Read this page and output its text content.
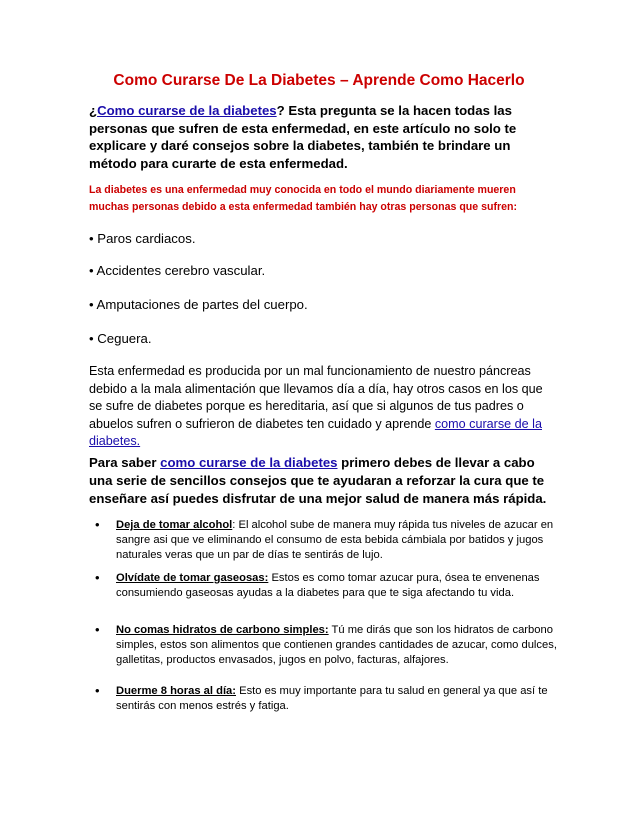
Como Curarse De La Diabetes – Aprende Como Hacerlo
¿Como curarse de la diabetes? Esta pregunta se la hacen todas las personas que sufren de esta enfermedad, en este artículo no solo te explicare y daré consejos sobre la diabetes, también te brindare un método para curarte de esta enfermedad.
La diabetes es una enfermedad muy conocida en todo el mundo diariamente mueren muchas personas debido a esta enfermedad también hay otras personas que sufren:
• Paros cardiacos.
• Accidentes cerebro vascular.
• Amputaciones de partes del cuerpo.
• Ceguera.
Esta enfermedad es producida por un mal funcionamiento de nuestro páncreas debido a la mala alimentación que llevamos día a día, hay otros casos en los que se sufre de diabetes porque es hereditaria, así que si algunos de tus padres o abuelos sufren o sufrieron de diabetes ten cuidado y aprende como curarse de la diabetes.
Para saber como curarse de la diabetes primero debes de llevar a cabo una serie de sencillos consejos que te ayudaran a reforzar la cura que te enseñare así puedes disfrutar de una mejor salud de manera más rápida.
• Deja de tomar alcohol: El alcohol sube de manera muy rápida tus niveles de azucar en sangre asi que ve eliminando el consumo de esta bebida cámbiala por batidos y jugos naturales veras que un par de días te sentirás de lujo.
• Olvídate de tomar gaseosas: Estos es como tomar azucar pura, ósea te envenenas consumiendo gaseosas ayudas a la diabetes para que te siga afectando tu vida.
• No comas hidratos de carbono simples: Tú me dirás que son los hidratos de carbono simples, estos son alimentos que contienen grandes cantidades de azucar, como dulces, galletitas, productos envasados, jugos en polvo, facturas, alfajores.
• Duerme 8 horas al día: Esto es muy importante para tu salud en general ya que así te sentirás con menos estrés y fatiga.
